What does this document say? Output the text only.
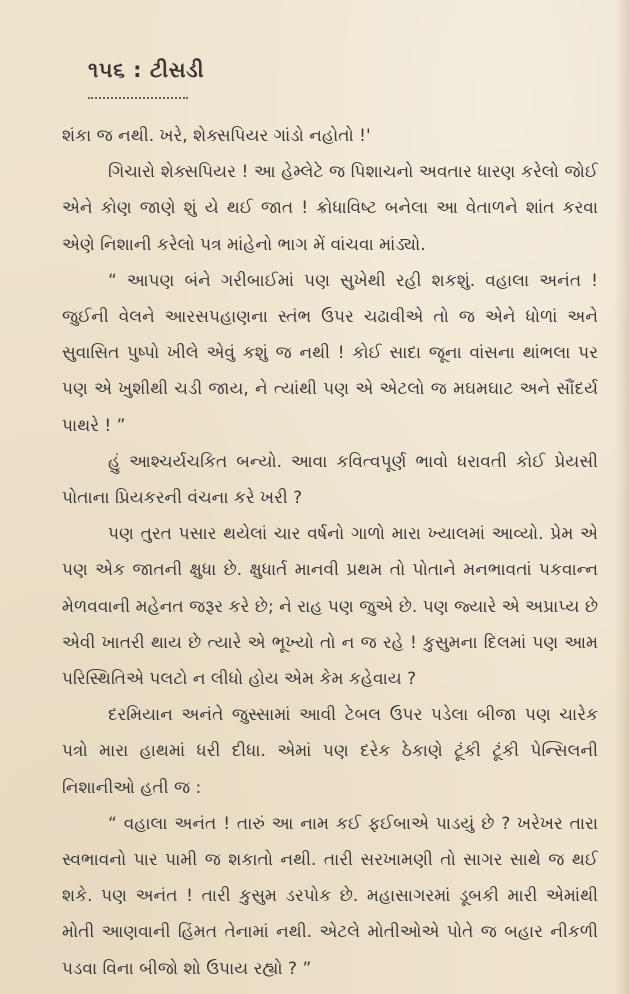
૧૫૬ : ટીસડી

શંકા જ નથી. ખરે, શેક્સપિયર ગાંડો નહોતો !'

ગિચારો શેક્સપિયર ! આ હેમ્લેટે જ પિશાચનો અવતાર ધારણ કરેલો જોઈ એને કોણ જાણે શું યે થઈ જાત ! ક્રોધાવિષ્ટ બનેલા આ વેતાળને શાંત કરવા એણે નિશાની કરેલો પત્ર માંહેનો ભાગ મેં વાંચવા માંડ્યો.

“ આપણ બંને ગરીબાઈમાં પણ સુખેથી રહી શકશું. વહાલા અનંત ! જુઈની વેલને આરસપહાણના સ્તંભ ઉપર ચઢાવીએ તો જ એને ધોળાં અને સુવાસિત પુષ્પો ખીલે એવું કશું જ નથી ! કોઈ સાદા જૂના વાંસના થાંભલા પર પણ એ ખુશીથી ચડી જાય, ને ત્યાંથી પણ એ એટલો જ મઘમઘાટ અને સૌંદર્ય પાથરે ! ”

હું આશ્ચર્યચકિત બન્યો. આવા કવિત્વપૂર્ણ ભાવો ધરાવતી કોઈ પ્રેયસી પોતાના પ્રિયકરની વંચના કરે ખરી ?

પણ તુરત પસાર થયેલાં ચાર વર્ષનો ગાળો મારા ખ્યાલમાં આવ્યો. પ્રેમ એ પણ એક જાતની ક્ષુધા છે. ક્ષુધાર્ત માનવી પ્રથમ તો પોતાને મનભાવતાં પકવાન્ન મેળવવાની મહેનત જરૂર કરે છે; ને રાહ પણ જુએ છે. પણ જ્યારે એ અપ્રાપ્ય છે એવી ખાતરી થાય છે ત્યારે એ ભૂખ્યો તો ન જ રહે ! કુસુમના દિલમાં પણ આમ પરિસ્થિતિએ પલટો ન લીધો હોય એમ કેમ કહેવાય ?

દરમિયાન અનંતે જુસ્સામાં આવી ટેબલ ઉપર પડેલા બીજા પણ ચારેક પત્રો મારા હાથમાં ધરી દીધા. એમાં પણ દરેક ઠેકાણે ટૂંકી ટૂંકી પેન્સિલની નિશાનીઓ હતી જ :

“ વહાલા અનંત ! તારું આ નામ કઈ ફઈબાએ પાડયું છે ? ખરેખર તારા સ્વભાવનો પાર પામી જ શકાતો નથી. તારી સરખામણી તો સાગર સાથે જ થઈ શકે. પણ અનંત ! તારી કુસુમ ડરપોક છે. મહાસાગરમાં ડૂબકી મારી એમાંથી મોતી આણવાની હિંમત તેનામાં નથી. એટલે મોતીઓએ પોતે જ બહાર નીકળી પડવા વિના બીજો શો ઉપાય રહ્યો ? ”
